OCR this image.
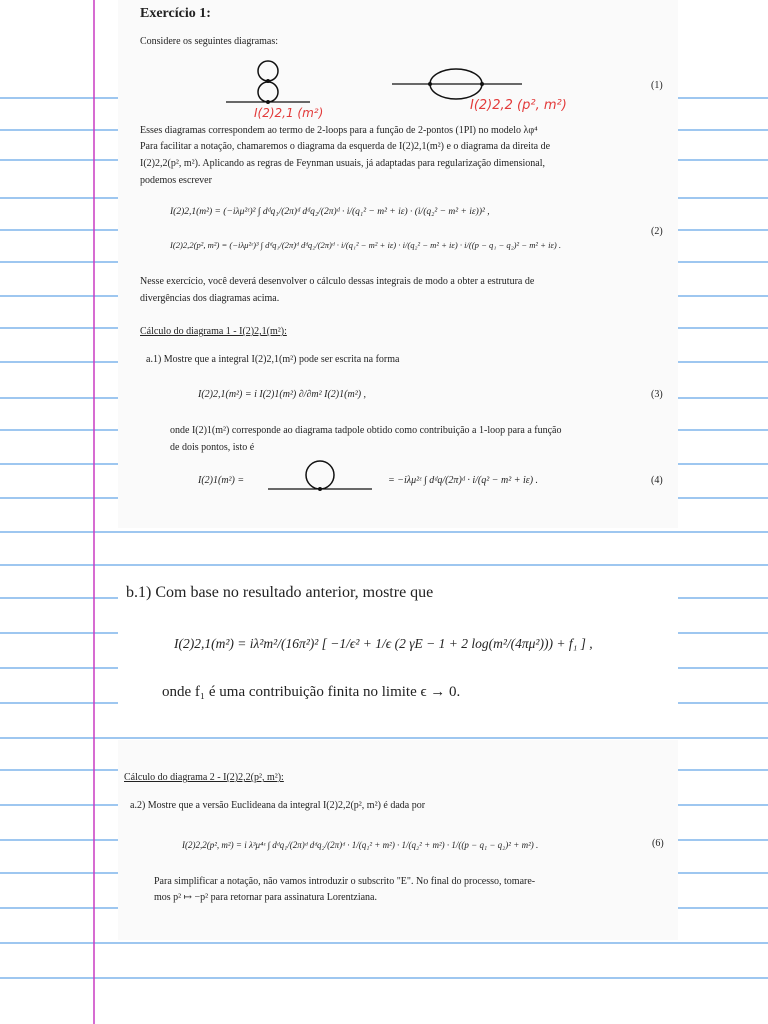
Exercício 1:
Considere os seguintes diagramas:
(1)
I(2)2,1 (m²)	I(2)2,2 (p², m²)
Esses diagramas correspondem ao termo de 2-loops para a função de 2-pontos (1PI) no modelo λφ⁴
Para facilitar a notação, chamaremos o diagrama da esquerda de I(2)2,1(m²) e o diagrama da direita de
I(2)2,2(p², m²). Aplicando as regras de Feynman usuais, já adaptadas para regularização dimensional,
podemos escrever
I(2)2,1(m²) = (−iλμ²ᵋ)² ∫ dᵈq₁/(2π)ᵈ dᵈq₂/(2π)ᵈ · i/(q₁² − m² + iε) · (i/(q₂² − m² + iε))² ,
I(2)2,2(p², m²) = (−iλμ²ᵋ)³ ∫ dᵈq₁/(2π)ᵈ dᵈq₂/(2π)ᵈ · i/(q₁² − m² + iε) · i/(q₂² − m² + iε) · i/((p − q₁ − q₂)² − m² + iε) .
(2)
Nesse exercício, você deverá desenvolver o cálculo dessas integrais de modo a obter a estrutura de
divergências dos diagramas acima.
Cálculo do diagrama 1 - I(2)2,1(m²):
a.1) Mostre que a integral I(2)2,1(m²) pode ser escrita na forma
I(2)2,1(m²) = i I(2)1(m²) ∂/∂m² I(2)1(m²) ,	(3)
onde I(2)1(m²) corresponde ao diagrama tadpole obtido como contribuição a 1-loop para a função
de dois pontos, isto é
I(2)1(m²) =	= −iλμ²ᵋ ∫ dᵈq/(2π)ᵈ · i/(q² − m² + iε) .	(4)
b.1) Com base no resultado anterior, mostre que
I(2)2,1(m²) = iλ²m²/(16π²)² [ −1/ϵ² + 1/ϵ (2 γE − 1 + 2 log(m²/(4πμ²))) + f₁ ] ,
onde f₁ é uma contribuição finita no limite ϵ → 0.
Cálculo do diagrama 2 - I(2)2,2(p², m²):
a.2) Mostre que a versão Euclideana da integral I(2)2,2(p², m²) é dada por
I(2)2,2(p², m²) = i λ³μ⁴ᵋ ∫ dᵈq₁/(2π)ᵈ dᵈq₂/(2π)ᵈ · 1/(q₁² + m²) · 1/(q₂² + m²) · 1/((p − q₁ − q₂)² + m²) .	(6)
Para simplificar a notação, não vamos introduzir o subscrito "E". No final do processo, tomare-
mos p² ↦ −p² para retornar para assinatura Lorentziana.
